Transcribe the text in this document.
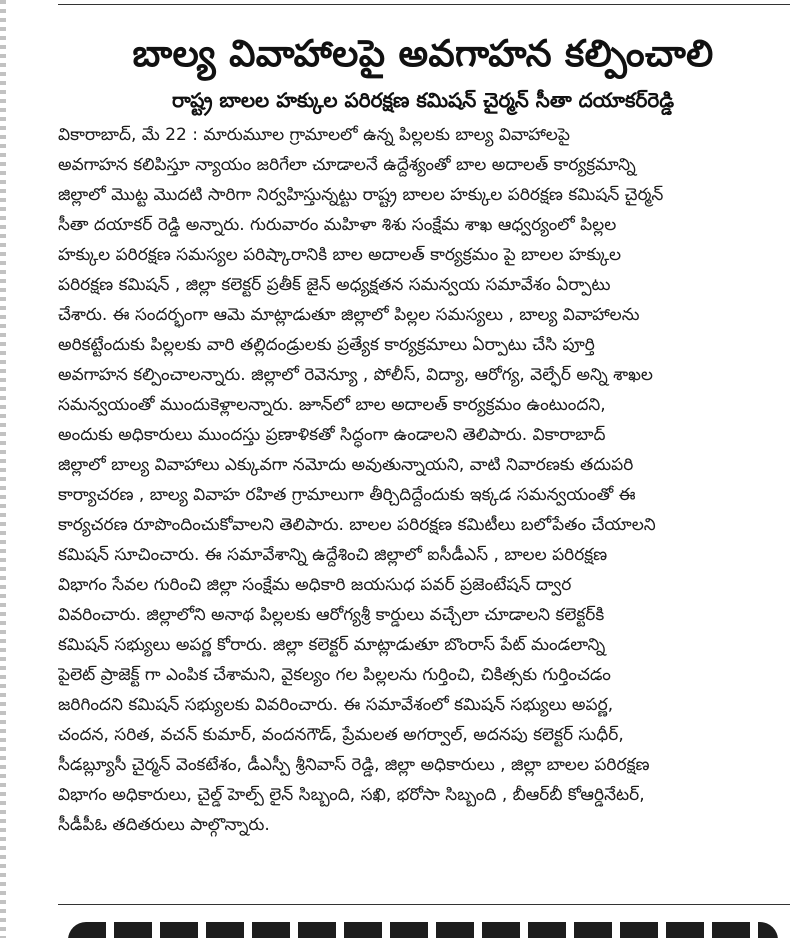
బాల్య వివాహాలపై అవగాహన కల్పించాలి
రాష్ట్ర బాలల హక్కుల పరిరక్షణ కమిషన్ చైర్మన్ సీతా దయాకర్‌రెడ్డి
వికారాబాద్, మే 22 : మారుమూల గ్రామాలలో ఉన్న పిల్లలకు బాల్య వివాహాలపై
అవగాహన కలిపిస్తూ న్యాయం జరిగేలా చూడాలనే ఉద్దేశ్యంతో బాల అదాలత్ కార్యక్రమాన్ని
జిల్లాలో మొట్ట మొదటి సారిగా నిర్వహిస్తున్నట్టు రాష్ట్ర బాలల హక్కుల పరిరక్షణ కమిషన్ చైర్మన్
సీతా దయాకర్ రెడ్డి అన్నారు. గురువారం మహిళా శిశు సంక్షేమ శాఖ ఆధ్వర్యంలో పిల్లల
హక్కుల పరిరక్షణ సమస్యల పరిష్కారానికి బాల అదాలత్ కార్యక్రమం పై బాలల హక్కుల
పరిరక్షణ కమిషన్ , జిల్లా కలెక్టర్ ప్రతీక్ జైన్ అధ్యక్షతన సమన్వయ సమావేశం ఏర్పాటు
చేశారు. ఈ సందర్భంగా ఆమె మాట్లాడుతూ జిల్లాలో పిల్లల సమస్యలు , బాల్య వివాహాలను
అరికట్టేందుకు పిల్లలకు వారి తల్లిదండ్రులకు ప్రత్యేక కార్యక్రమాలు ఏర్పాటు చేసి పూర్తి
అవగాహన కల్పించాలన్నారు. జిల్లాలో రెవెన్యూ , పోలీస్, విద్యా, ఆరోగ్య, వెల్ఫేర్ అన్ని శాఖల
సమన్వయంతో ముందుకెళ్లాలన్నారు. జూన్‌లో బాల అదాలత్ కార్యక్రమం ఉంటుందని,
అందుకు అధికారులు ముందస్తు ప్రణాళికతో సిద్ధంగా ఉండాలని తెలిపారు. వికారాబాద్
జిల్లాలో బాల్య వివాహాలు ఎక్కువగా నమోదు అవుతున్నాయని, వాటి నివారణకు తదుపరి
కార్యాచరణ , బాల్య వివాహ రహిత గ్రామాలుగా తీర్చిదిద్దేందుకు ఇక్కడ సమన్వయంతో ఈ
కార్యచరణ రూపొందించుకోవాలని తెలిపారు. బాలల పరిరక్షణ కమిటీలు బలోపేతం చేయాలని
కమిషన్ సూచించారు. ఈ సమావేశాన్ని ఉద్దేశించి జిల్లాలో ఐసీడీఎస్ , బాలల పరిరక్షణ
విభాగం సేవల గురించి జిల్లా సంక్షేమ అధికారి జయసుధ పవర్ ప్రజెంటేషన్ ద్వార
వివరించారు. జిల్లాలోని అనాథ పిల్లలకు ఆరోగ్యశ్రీ కార్డులు వచ్చేలా చూడాలని కలెక్టర్‌కి
కమిషన్ సభ్యులు అపర్ణ కోరారు. జిల్లా కలెక్టర్ మాట్లాడుతూ బొంరాస్ పేట్ మండలాన్ని
పైలెట్ ప్రాజెక్ట్ గా ఎంపిక చేశామని, వైకల్యం గల పిల్లలను గుర్తించి, చికిత్సకు గుర్తించడం
జరిగిందని కమిషన్ సభ్యులకు వివరించారు. ఈ సమావేశంలో కమిషన్ సభ్యులు అపర్ణ,
చందన, సరిత, వచన్ కుమార్, వందనగౌడ్, ప్రేమలత అగర్వాల్, అదనపు కలెక్టర్ సుధీర్,
సీడబ్ల్యూసీ చైర్మన్ వెంకటేశం, డీఎస్పీ శ్రీనివాస్ రెడ్డి, జిల్లా అధికారులు , జిల్లా బాలల పరిరక్షణ
విభాగం అధికారులు, చైల్డ్ హెల్ప్ లైన్ సిబ్బంది, సఖి, భరోసా సిబ్బంది , బీఆర్‌బీ కోఆర్డినేటర్,
సీడీపీఓ తదితరులు పాల్గొన్నారు.
